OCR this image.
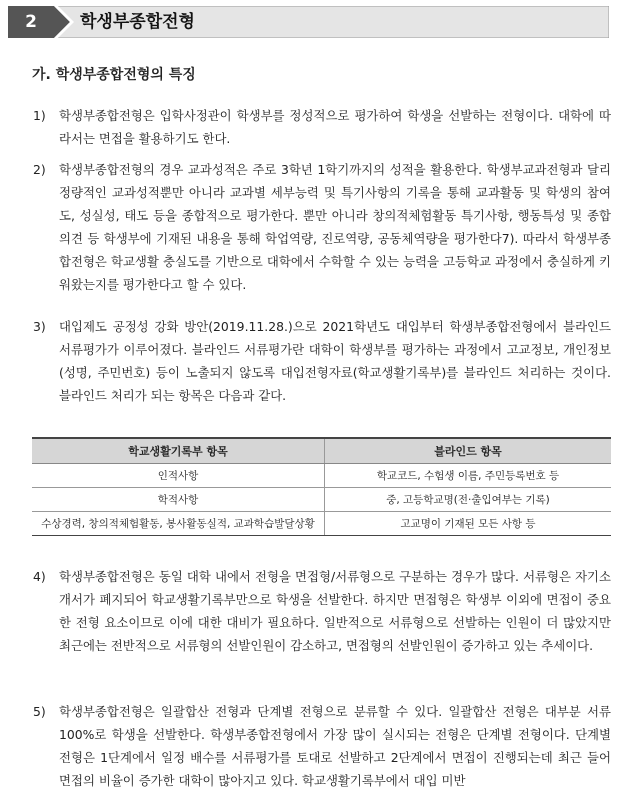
2	학생부종합전형
가. 학생부종합전형의 특징
1)	학생부종합전형은 입학사정관이 학생부를 정성적으로 평가하여 학생을 선발하는 전형이다. 대학에 따라서는 면접을 활용하기도 한다.
2)	학생부종합전형의 경우 교과성적은 주로 3학년 1학기까지의 성적을 활용한다. 학생부교과전형과 달리 정량적인 교과성적뿐만 아니라 교과별 세부능력 및 특기사항의 기록을 통해 교과활동 및 학생의 참여도, 성실성, 태도 등을 종합적으로 평가한다. 뿐만 아니라 창의적체험활동 특기사항, 행동특성 및 종합의견 등 학생부에 기재된 내용을 통해 학업역량, 진로역량, 공동체역량을 평가한다7). 따라서 학생부종합전형은 학교생활 충실도를 기반으로 대학에서 수학할 수 있는 능력을 고등학교 과정에서 충실하게 키워왔는지를 평가한다고 할 수 있다.
3)	대입제도 공정성 강화 방안(2019.11.28.)으로 2021학년도 대입부터 학생부종합전형에서 블라인드 서류평가가 이루어졌다. 블라인드 서류평가란 대학이 학생부를 평가하는 과정에서 고교정보, 개인정보(성명, 주민번호) 등이 노출되지 않도록 대입전형자료(학교생활기록부)를 블라인드 처리하는 것이다. 블라인드 처리가 되는 항목은 다음과 같다.
학교생활기록부 항목	블라인드 항목
인적사항	학교코드, 수험생 이름, 주민등록번호 등
학적사항	중, 고등학교명(전·출입여부는 기록)
수상경력, 창의적체험활동, 봉사활동실적, 교과학습발달상황	고교명이 기재된 모든 사항 등
4)	학생부종합전형은 동일 대학 내에서 전형을 면접형/서류형으로 구분하는 경우가 많다. 서류형은 자기소개서가 폐지되어 학교생활기록부만으로 학생을 선발한다. 하지만 면접형은 학생부 이외에 면접이 중요한 전형 요소이므로 이에 대한 대비가 필요하다. 일반적으로 서류형으로 선발하는 인원이 더 많았지만 최근에는 전반적으로 서류형의 선발인원이 감소하고, 면접형의 선발인원이 증가하고 있는 추세이다.
5)	학생부종합전형은 일괄합산 전형과 단계별 전형으로 분류할 수 있다. 일괄합산 전형은 대부분 서류 100%로 학생을 선발한다. 학생부종합전형에서 가장 많이 실시되는 전형은 단계별 전형이다. 단계별 전형은 1단계에서 일정 배수를 서류평가를 토대로 선발하고 2단계에서 면접이 진행되는데 최근 들어 면접의 비율이 증가한 대학이 많아지고 있다. 학교생활기록부에서 대입 미반
